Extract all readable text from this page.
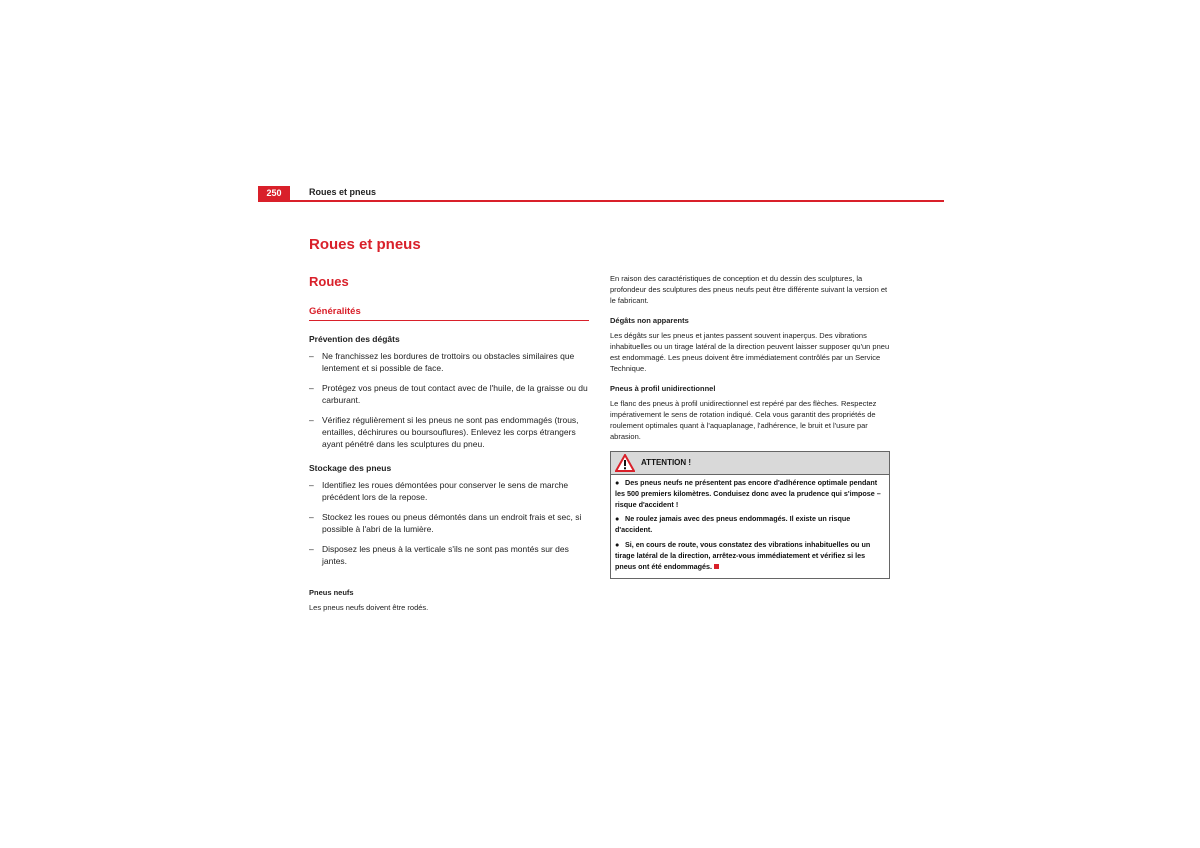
250	Roues et pneus
Roues et pneus
Roues
Généralités
Prévention des dégâts
– Ne franchissez les bordures de trottoirs ou obstacles similaires que lentement et si possible de face.
– Protégez vos pneus de tout contact avec de l'huile, de la graisse ou du carburant.
– Vérifiez régulièrement si les pneus ne sont pas endommagés (trous, entailles, déchirures ou boursouflures). Enlevez les corps étrangers ayant pénétré dans les sculptures du pneu.
Stockage des pneus
– Identifiez les roues démontées pour conserver le sens de marche précédent lors de la repose.
– Stockez les roues ou pneus démontés dans un endroit frais et sec, si possible à l'abri de la lumière.
– Disposez les pneus à la verticale s'ils ne sont pas montés sur des jantes.
Pneus neufs

Les pneus neufs doivent être rodés.

En raison des caractéristiques de conception et du dessin des sculptures, la profondeur des sculptures des pneus neufs peut être différente suivant la version et le fabricant.

Dégâts non apparents

Les dégâts sur les pneus et jantes passent souvent inaperçus. Des vibrations inhabituelles ou un tirage latéral de la direction peuvent laisser supposer qu'un pneu est endommagé. Les pneus doivent être immédiatement contrôlés par un Service Technique.

Pneus à profil unidirectionnel

Le flanc des pneus à profil unidirectionnel est repéré par des flèches. Respectez impérativement le sens de rotation indiqué. Cela vous garantit des propriétés de roulement optimales quant à l'aquaplanage, l'adhérence, le bruit et l'usure par abrasion.

ATTENTION !
● Des pneus neufs ne présentent pas encore d'adhérence optimale pendant les 500 premiers kilomètres. Conduisez donc avec la prudence qui s'impose – risque d'accident !
● Ne roulez jamais avec des pneus endommagés. Il existe un risque d'accident.
● Si, en cours de route, vous constatez des vibrations inhabituelles ou un tirage latéral de la direction, arrêtez-vous immédiatement et vérifiez si les pneus ont été endommagés.
